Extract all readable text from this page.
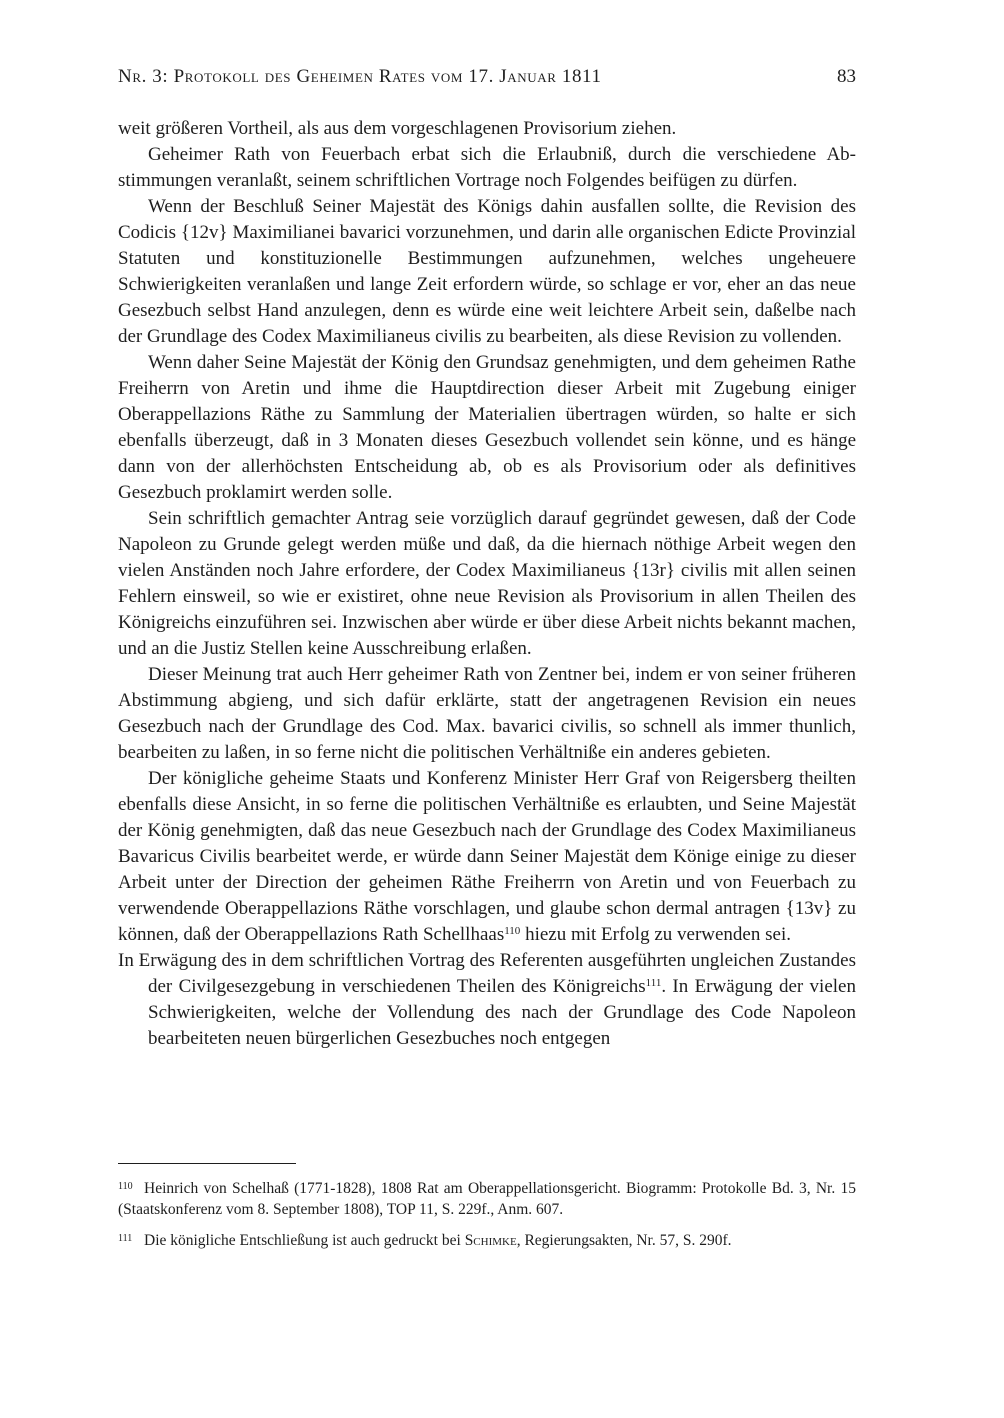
Nr. 3: Protokoll des Geheimen Rates vom 17. Januar 1811	83

weit größeren Vortheil, als aus dem vorgeschlagenen Provisorium ziehen.

Geheimer Rath von Feuerbach erbat sich die Erlaubniß, durch die verschiedene Abstimmungen veranlaßt, seinem schriftlichen Vortrage noch Folgendes beifügen zu dürfen.

Wenn der Beschluß Seiner Majestät des Königs dahin ausfallen sollte, die Revision des Codicis {12v} Maximilianei bavarici vorzunehmen, und darin alle organischen Edicte Provinzial Statuten und konstituzionelle Bestimmungen aufzunehmen, welches ungeheuere Schwierigkeiten veranlaßen und lange Zeit erfordern würde, so schlage er vor, eher an das neue Gesezbuch selbst Hand anzulegen, denn es würde eine weit leichtere Arbeit sein, daßelbe nach der Grundlage des Codex Maximilianeus civilis zu bearbeiten, als diese Revision zu vollenden.

Wenn daher Seine Majestät der König den Grundsaz genehmigten, und dem geheimen Rathe Freiherrn von Aretin und ihme die Hauptdirection dieser Arbeit mit Zugebung einiger Oberappellazions Räthe zu Sammlung der Materialien übertragen würden, so halte er sich ebenfalls überzeugt, daß in 3 Monaten dieses Gesezbuch vollendet sein könne, und es hänge dann von der allerhöchsten Entscheidung ab, ob es als Provisorium oder als definitives Gesezbuch proklamirt werden solle.

Sein schriftlich gemachter Antrag seie vorzüglich darauf gegründet gewesen, daß der Code Napoleon zu Grunde gelegt werden müße und daß, da die hiernach nöthige Arbeit wegen den vielen Anständen noch Jahre erfordere, der Codex Maximilianeus {13r} civilis mit allen seinen Fehlern einsweil, so wie er existiret, ohne neue Revision als Provisorium in allen Theilen des Königreichs einzuführen sei. Inzwischen aber würde er über diese Arbeit nichts bekannt machen, und an die Justiz Stellen keine Ausschreibung erlaßen.

Dieser Meinung trat auch Herr geheimer Rath von Zentner bei, indem er von seiner früheren Abstimmung abgieng, und sich dafür erklärte, statt der angetragenen Revision ein neues Gesezbuch nach der Grundlage des Cod. Max. bavarici civilis, so schnell als immer thunlich, bearbeiten zu laßen, in so ferne nicht die politischen Verhältniße ein anderes gebieten.

Der königliche geheime Staats und Konferenz Minister Herr Graf von Reigersberg theilten ebenfalls diese Ansicht, in so ferne die politischen Verhältniße es erlaubten, und Seine Majestät der König genehmigten, daß das neue Gesezbuch nach der Grundlage des Codex Maximilianeus Bavaricus Civilis bearbeitet werde, er würde dann Seiner Majestät dem Könige einige zu dieser Arbeit unter der Direction der geheimen Räthe Freiherrn von Aretin und von Feuerbach zu verwendende Oberappellazions Räthe vorschlagen, und glaube schon dermal antragen {13v} zu können, daß der Oberappellazions Rath Schellhaas$^{110}$ hiezu mit Erfolg zu verwenden sei.

In Erwägung des in dem schriftlichen Vortrag des Referenten ausgeführten ungleichen Zustandes der Civilgesezgebung in verschiedenen Theilen des Königreichs$^{111}$. In Erwägung der vielen Schwierigkeiten, welche der Vollendung des nach der Grundlage des Code Napoleon bearbeiteten neuen bürgerlichen Gesezbuches noch entgegen

110 Heinrich von Schelhaß (1771-1828), 1808 Rat am Oberappellationsgericht. Biogramm: Protokolle Bd. 3, Nr. 15 (Staatskonferenz vom 8. September 1808), TOP 11, S. 229f., Anm. 607.

111 Die königliche Entschließung ist auch gedruckt bei Schimke, Regierungsakten, Nr. 57, S. 290f.
